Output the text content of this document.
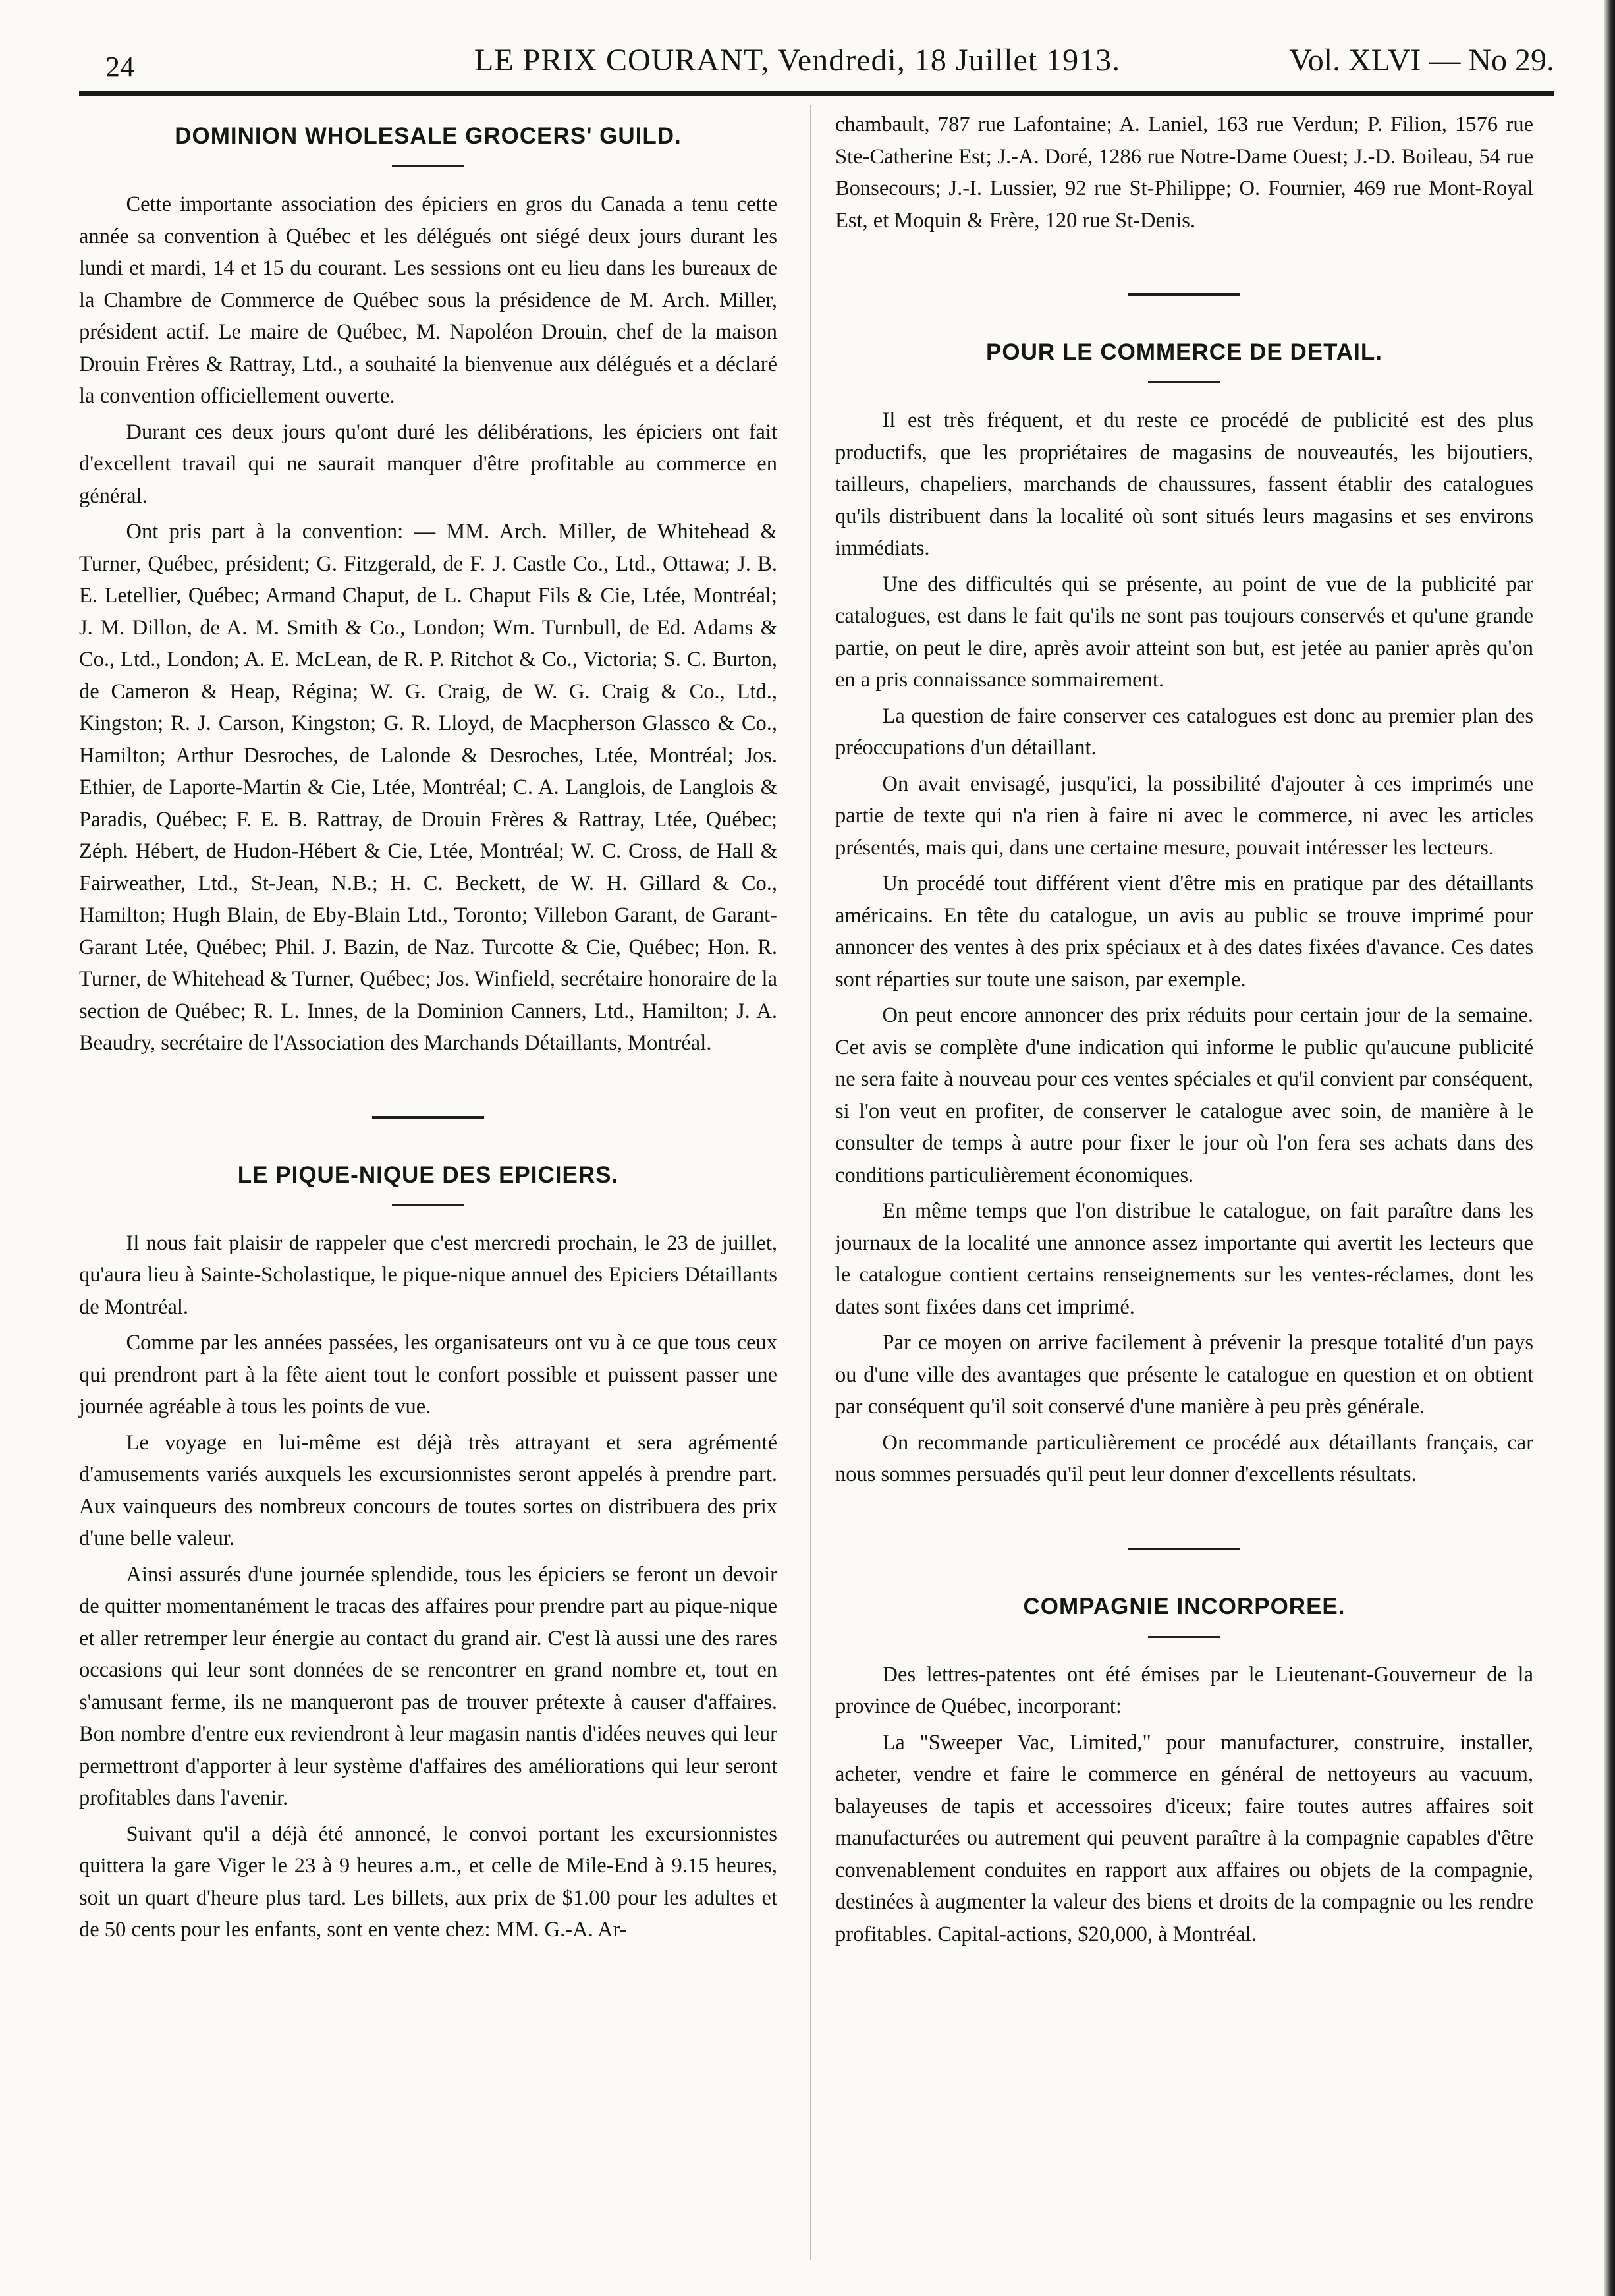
24	LE PRIX COURANT, Vendredi, 18 Juillet 1913.	Vol. XLVI — No 29.
DOMINION WHOLESALE GROCERS' GUILD.

Cette importante association des épiciers en gros du Canada a tenu cette année sa convention à Québec et les délégués ont siégé deux jours durant les lundi et mardi, 14 et 15 du courant. Les sessions ont eu lieu dans les bureaux de la Chambre de Commerce de Québec sous la présidence de M. Arch. Miller, président actif. Le maire de Québec, M. Napoléon Drouin, chef de la maison Drouin Frères & Rattray, Ltd., a souhaité la bienvenue aux délégués et a déclaré la convention officiellement ouverte.

Durant ces deux jours qu'ont duré les délibérations, les épiciers ont fait d'excellent travail qui ne saurait manquer d'être profitable au commerce en général.

Ont pris part à la convention: — MM. Arch. Miller, de Whitehead & Turner, Québec, président; G. Fitzgerald, de F. J. Castle Co., Ltd., Ottawa; J. B. E. Letellier, Québec; Armand Chaput, de L. Chaput Fils & Cie, Ltée, Montréal; J. M. Dillon, de A. M. Smith & Co., London; Wm. Turnbull, de Ed. Adams & Co., Ltd., London; A. E. McLean, de R. P. Ritchot & Co., Victoria; S. C. Burton, de Cameron & Heap, Régina; W. G. Craig, de W. G. Craig & Co., Ltd., Kingston; R. J. Carson, Kingston; G. R. Lloyd, de Macpherson Glassco & Co., Hamilton; Arthur Desroches, de Lalonde & Desroches, Ltée, Montréal; Jos. Ethier, de Laporte-Martin & Cie, Ltée, Montréal; C. A. Langlois, de Langlois & Paradis, Québec; F. E. B. Rattray, de Drouin Frères & Rattray, Ltée, Québec; Zéph. Hébert, de Hudon-Hébert & Cie, Ltée, Montréal; W. C. Cross, de Hall & Fairweather, Ltd., St-Jean, N.B.; H. C. Beckett, de W. H. Gillard & Co., Hamilton; Hugh Blain, de Eby-Blain Ltd., Toronto; Villebon Garant, de Garant-Garant Ltée, Québec; Phil. J. Bazin, de Naz. Turcotte & Cie, Québec; Hon. R. Turner, de Whitehead & Turner, Québec; Jos. Winfield, secrétaire honoraire de la section de Québec; R. L. Innes, de la Dominion Canners, Ltd., Hamilton; J. A. Beaudry, secrétaire de l'Association des Marchands Détaillants, Montréal.

LE PIQUE-NIQUE DES EPICIERS.

Il nous fait plaisir de rappeler que c'est mercredi prochain, le 23 de juillet, qu'aura lieu à Sainte-Scholastique, le pique-nique annuel des Epiciers Détaillants de Montréal.

Comme par les années passées, les organisateurs ont vu à ce que tous ceux qui prendront part à la fête aient tout le confort possible et puissent passer une journée agréable à tous les points de vue.

Le voyage en lui-même est déjà très attrayant et sera agrémenté d'amusements variés auxquels les excursionnistes seront appelés à prendre part. Aux vainqueurs des nombreux concours de toutes sortes on distribuera des prix d'une belle valeur.

Ainsi assurés d'une journée splendide, tous les épiciers se feront un devoir de quitter momentanément le tracas des affaires pour prendre part au pique-nique et aller retremper leur énergie au contact du grand air. C'est là aussi une des rares occasions qui leur sont données de se rencontrer en grand nombre et, tout en s'amusant ferme, ils ne manqueront pas de trouver prétexte à causer d'affaires. Bon nombre d'entre eux reviendront à leur magasin nantis d'idées neuves qui leur permettront d'apporter à leur système d'affaires des améliorations qui leur seront profitables dans l'avenir.

Suivant qu'il a déjà été annoncé, le convoi portant les excursionnistes quittera la gare Viger le 23 à 9 heures a.m., et celle de Mile-End à 9.15 heures, soit un quart d'heure plus tard. Les billets, aux prix de $1.00 pour les adultes et de 50 cents pour les enfants, sont en vente chez: MM. G.-A. Ar-

chambault, 787 rue Lafontaine; A. Laniel, 163 rue Verdun; P. Filion, 1576 rue Ste-Catherine Est; J.-A. Doré, 1286 rue Notre-Dame Ouest; J.-D. Boileau, 54 rue Bonsecours; J.-I. Lussier, 92 rue St-Philippe; O. Fournier, 469 rue Mont-Royal Est, et Moquin & Frère, 120 rue St-Denis.

POUR LE COMMERCE DE DETAIL.

Il est très fréquent, et du reste ce procédé de publicité est des plus productifs, que les propriétaires de magasins de nouveautés, les bijoutiers, tailleurs, chapeliers, marchands de chaussures, fassent établir des catalogues qu'ils distribuent dans la localité où sont situés leurs magasins et ses environs immédiats.

Une des difficultés qui se présente, au point de vue de la publicité par catalogues, est dans le fait qu'ils ne sont pas toujours conservés et qu'une grande partie, on peut le dire, après avoir atteint son but, est jetée au panier après qu'on en a pris connaissance sommairement.

La question de faire conserver ces catalogues est donc au premier plan des préoccupations d'un détaillant.

On avait envisagé, jusqu'ici, la possibilité d'ajouter à ces imprimés une partie de texte qui n'a rien à faire ni avec le commerce, ni avec les articles présentés, mais qui, dans une certaine mesure, pouvait intéresser les lecteurs.

Un procédé tout différent vient d'être mis en pratique par des détaillants américains. En tête du catalogue, un avis au public se trouve imprimé pour annoncer des ventes à des prix spéciaux et à des dates fixées d'avance. Ces dates sont réparties sur toute une saison, par exemple.

On peut encore annoncer des prix réduits pour certain jour de la semaine. Cet avis se complète d'une indication qui informe le public qu'aucune publicité ne sera faite à nouveau pour ces ventes spéciales et qu'il convient par conséquent, si l'on veut en profiter, de conserver le catalogue avec soin, de manière à le consulter de temps à autre pour fixer le jour où l'on fera ses achats dans des conditions particulièrement économiques.

En même temps que l'on distribue le catalogue, on fait paraître dans les journaux de la localité une annonce assez importante qui avertit les lecteurs que le catalogue contient certains renseignements sur les ventes-réclames, dont les dates sont fixées dans cet imprimé.

Par ce moyen on arrive facilement à prévenir la presque totalité d'un pays ou d'une ville des avantages que présente le catalogue en question et on obtient par conséquent qu'il soit conservé d'une manière à peu près générale.

On recommande particulièrement ce procédé aux détaillants français, car nous sommes persuadés qu'il peut leur donner d'excellents résultats.

COMPAGNIE INCORPOREE.

Des lettres-patentes ont été émises par le Lieutenant-Gouverneur de la province de Québec, incorporant:

La "Sweeper Vac, Limited," pour manufacturer, construire, installer, acheter, vendre et faire le commerce en général de nettoyeurs au vacuum, balayeuses de tapis et accessoires d'iceux; faire toutes autres affaires soit manufacturées ou autrement qui peuvent paraître à la compagnie capables d'être convenablement conduites en rapport aux affaires ou objets de la compagnie, destinées à augmenter la valeur des biens et droits de la compagnie ou les rendre profitables. Capital-actions, $20,000, à Montréal.
